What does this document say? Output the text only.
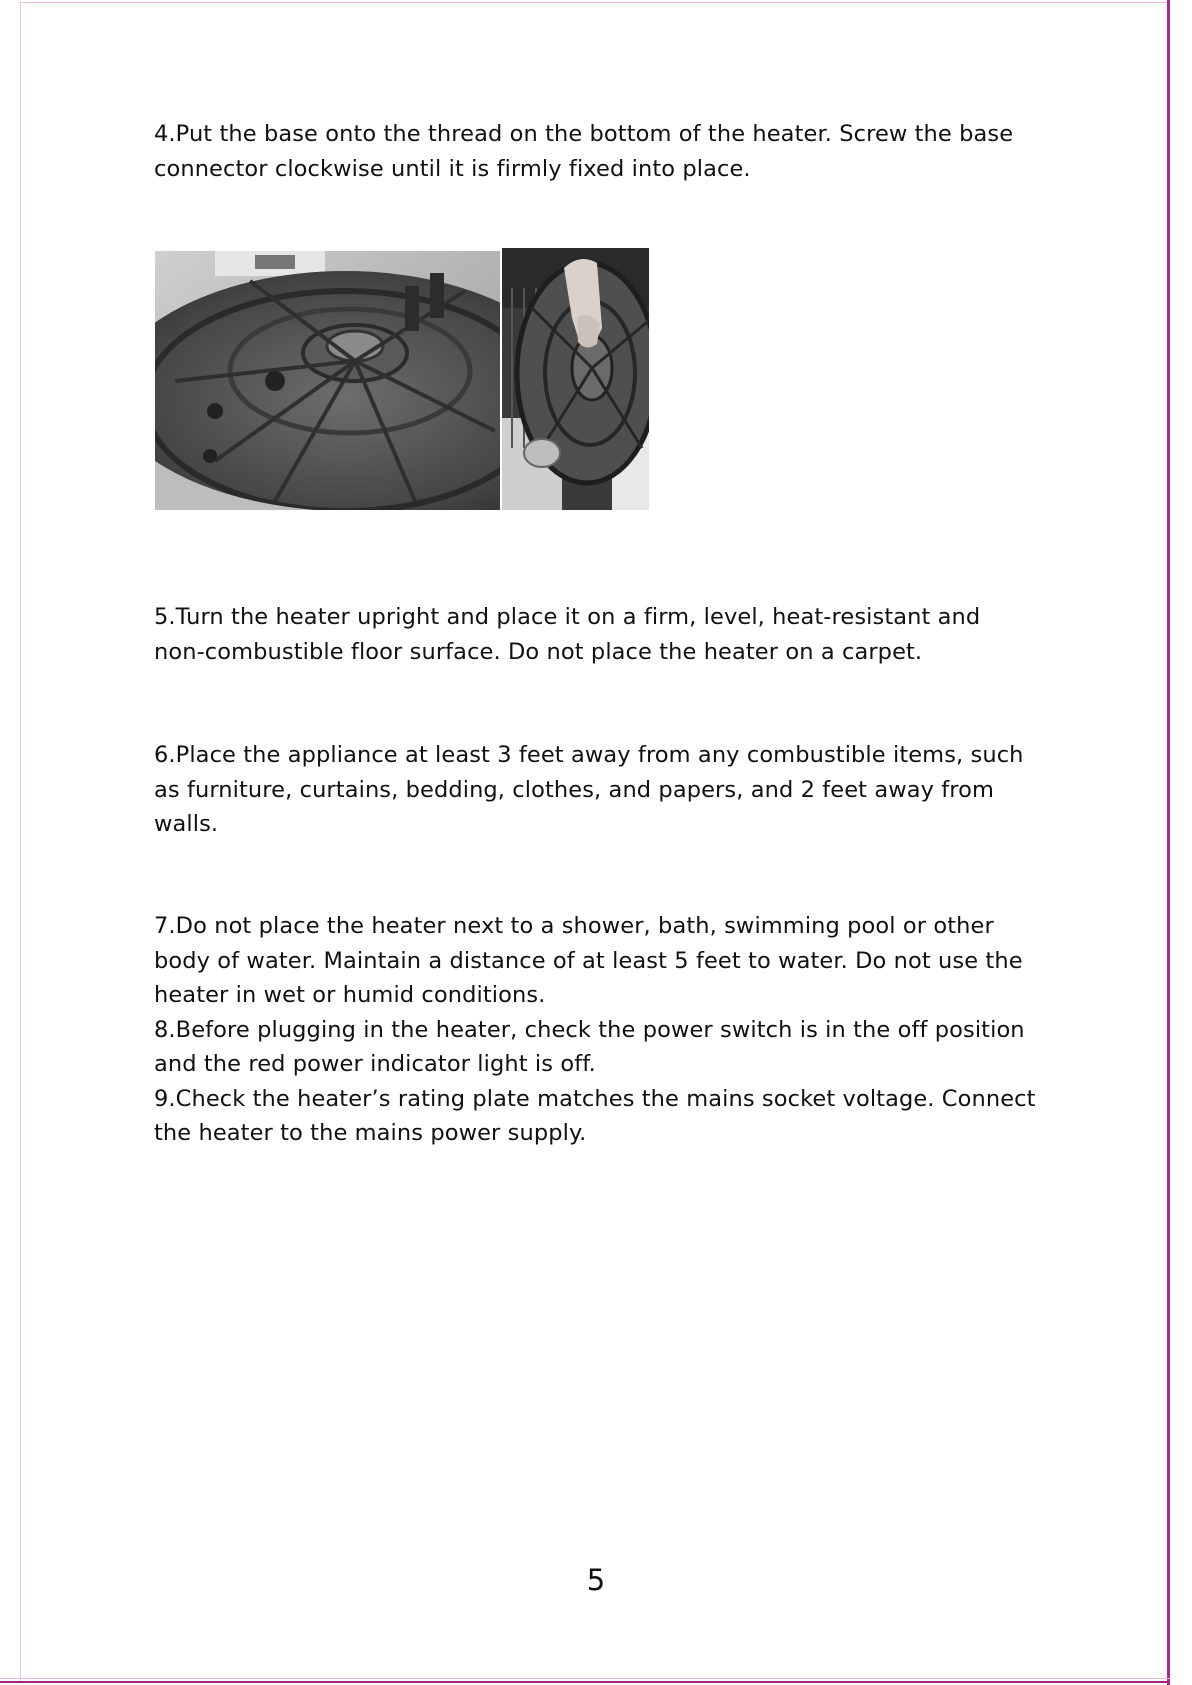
4.Put the base onto the thread on the bottom of the heater. Screw the base
connector clockwise until it is firmly fixed into place.

5.Turn the heater upright and place it on a firm, level, heat-resistant and
non-combustible floor surface. Do not place the heater on a carpet.

6.Place the appliance at least 3 feet away from any combustible items, such
as furniture, curtains, bedding, clothes, and papers, and 2 feet away from
walls.

7.Do not place the heater next to a shower, bath, swimming pool or other
body of water. Maintain a distance of at least 5 feet to water. Do not use the
heater in wet or humid conditions.
8.Before plugging in the heater, check the power switch is in the off position
and the red power indicator light is off.
9.Check the heater’s rating plate matches the mains socket voltage. Connect
the heater to the mains power supply.

5
